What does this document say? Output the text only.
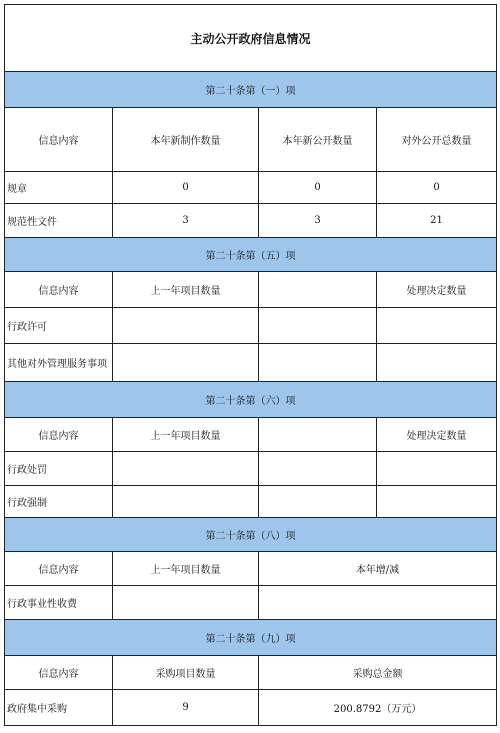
主动公开政府信息情况			
第二十条第（一）项			
信息内容	本年新制作数量	本年新公开数量	对外公开总数量
规章	0	0	0
规范性文件	3	3	21
第二十条第（五）项			
信息内容	上一年项目数量		处理决定数量
行政许可			
其他对外管理服务事项			
第二十条第（六）项			
信息内容	上一年项目数量		处理决定数量
行政处罚			
行政强制			
第二十条第（八）项			
信息内容	上一年项目数量	本年增/减	
行政事业性收费			
第二十条第（九）项			
信息内容	采购项目数量	采购总金额	
政府集中采购	9	200.8792（万元）	
